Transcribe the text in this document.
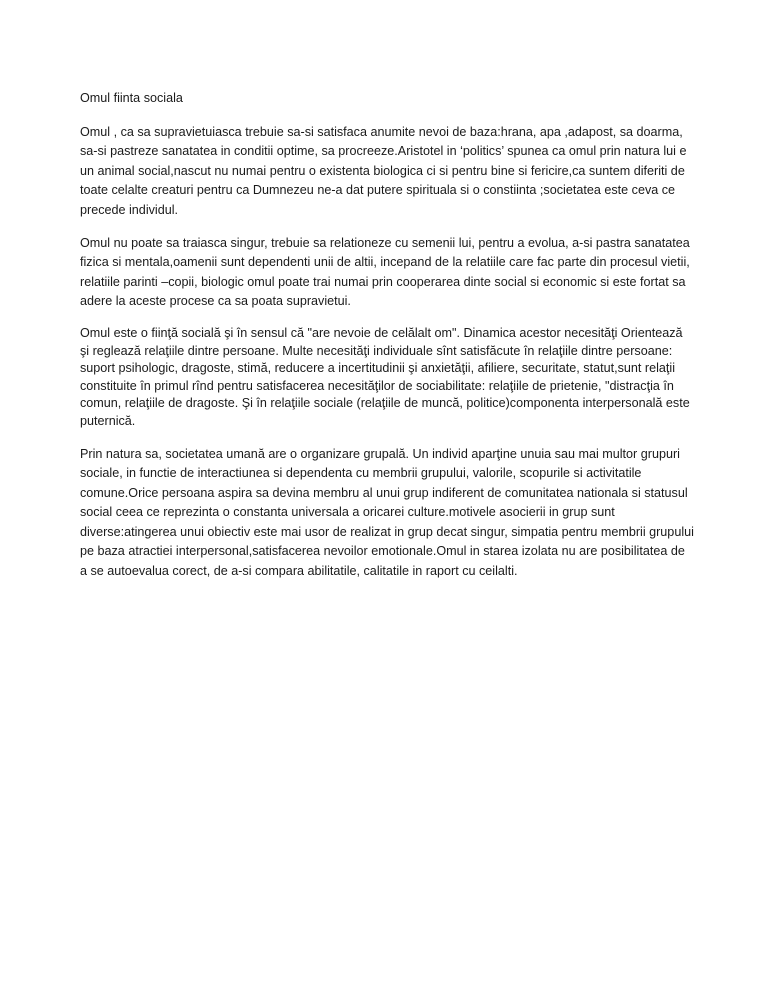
Omul fiinta sociala

Omul , ca sa supravietuiasca trebuie sa-si satisfaca anumite nevoi de baza:hrana, apa ,adapost, sa doarma, sa-si pastreze sanatatea in conditii optime, sa procreeze.Aristotel in ‘politics’ spunea ca omul prin natura lui e un animal social,nascut nu numai pentru o existenta biologica ci si pentru bine si fericire,ca suntem diferiti de toate celalte creaturi pentru ca Dumnezeu ne-a dat putere spirituala si o constiinta ;societatea este ceva ce precede individul.

Omul nu poate sa traiasca singur, trebuie sa relationeze cu semenii lui, pentru a evolua, a-si pastra sanatatea fizica si mentala,oamenii sunt dependenti unii de altii, incepand de la relatiile care fac parte din procesul vietii, relatiile parinti –copii, biologic omul poate trai numai prin cooperarea dinte social si economic si este fortat sa adere la aceste procese ca sa poata supravietui.

Omul este o fiinţă socială şi în sensul că "are nevoie de celălalt om". Dinamica acestor necesităţi Orientează şi reglează relaţiile dintre persoane. Multe necesităţi individuale sînt satisfăcute în relaţiile dintre persoane: suport psihologic, dragoste, stimă, reducere a incertitudinii şi anxietăţii, afiliere, securitate, statut,sunt relaţii constituite în primul rînd pentru satisfacerea necesităţilor de sociabilitate: relaţiile de prietenie, "distracţia în comun, relaţiile de dragoste. Şi în relaţiile sociale (relaţiile de muncă, politice)componenta interpersonală este puternică.

Prin natura sa, societatea umană are o organizare grupală. Un individ aparţine unuia sau mai multor grupuri sociale, in functie de interactiunea si dependenta cu membrii grupului, valorile, scopurile si activitatile comune.Orice persoana aspira sa devina membru al unui grup indiferent de comunitatea nationala si statusul social ceea ce reprezinta o constanta universala a oricarei culture.motivele asocierii in grup sunt diverse:atingerea unui obiectiv este mai usor de realizat in grup decat singur, simpatia pentru membrii grupului pe baza atractiei interpersonal,satisfacerea nevoilor emotionale.Omul in starea izolata nu are posibilitatea de a se autoevalua corect, de a-si compara abilitatile, calitatile in raport cu ceilalti.
